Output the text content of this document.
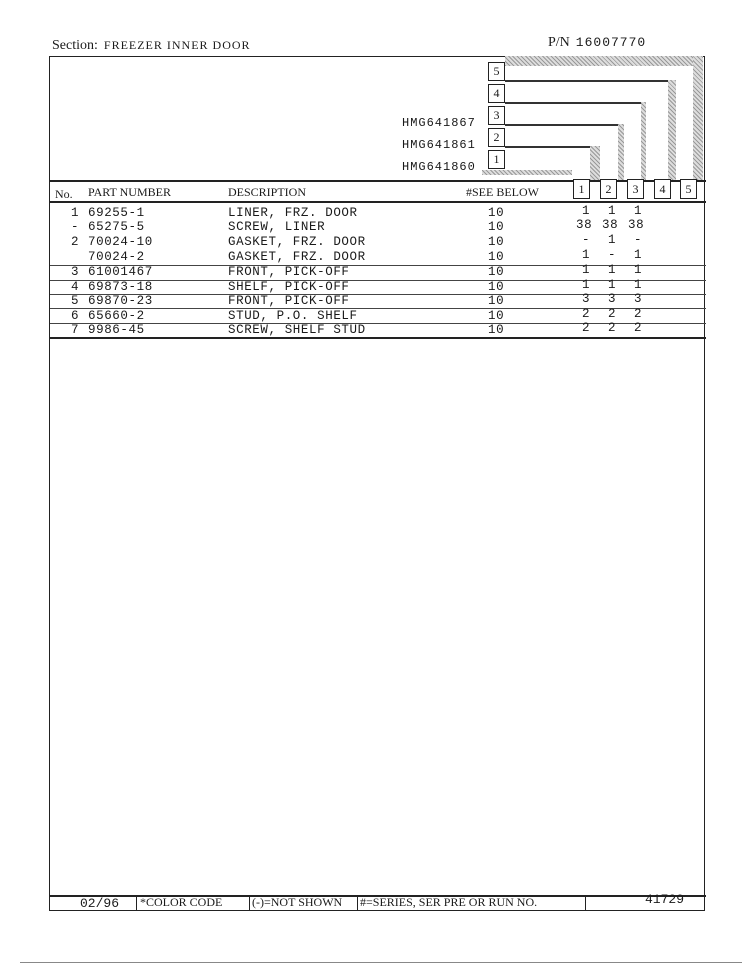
Section: FREEZER INNER DOOR	P/N 16007770
HMG641867
HMG641861
HMG641860
5
4
3
2
1
No. PART NUMBER	DESCRIPTION	#SEE BELOW	1	2	3	4	5
1 69255-1	LINER, FRZ. DOOR	10	1 1 1
- 65275-5	SCREW, LINER	10	38 38 38
2 70024-10	GASKET, FRZ. DOOR	10	- 1 -
70024-2	GASKET, FRZ. DOOR	10	1 - 1
3 61001467	FRONT, PICK-OFF	10	1 1 1
4 69873-18	SHELF, PICK-OFF	10	1 1 1
5 69870-23	FRONT, PICK-OFF	10	3 3 3
6 65660-2	STUD, P.O. SHELF	10	2 2 2
7 9986-45	SCREW, SHELF STUD	10	2 2 2
02/96 *COLOR CODE (-)=NOT SHOWN #=SERIES, SER PRE OR RUN NO.	41729
